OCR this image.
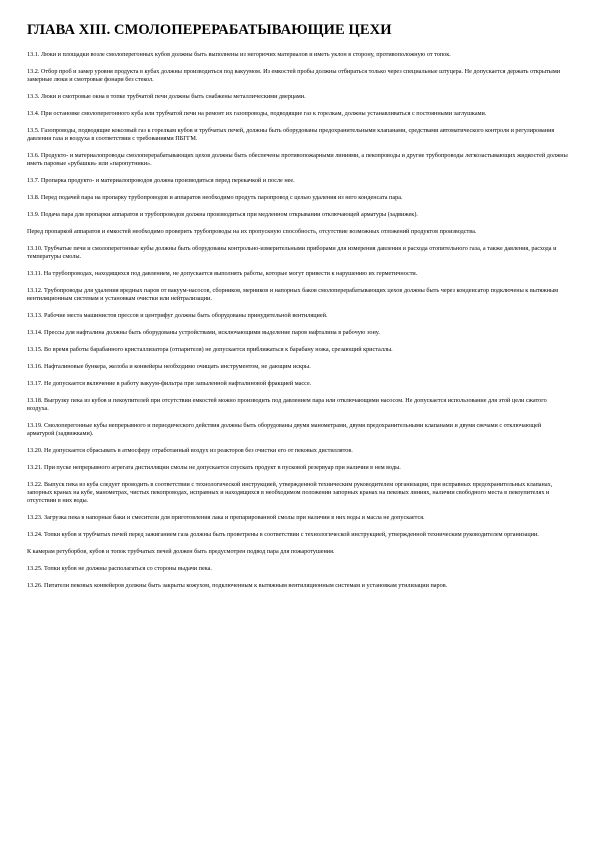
ГЛАВА XIII. СМОЛОПЕРЕРАБАТЫВАЮЩИЕ ЦЕХИ

13.1. Люки и площадки возле смолоперегонных кубов должны быть выполнены из негорючих материалов и иметь уклон в сторону, противоположную от топок.

13.2. Отбор проб и замер уровня продукта в кубах должны производиться под вакуумом. Из емкостей пробы должны отбираться только через специальные штуцера. Не допускается держать открытыми замерные люки и смотровые фонари без стекол.

13.3. Люки и смотровые окна в топке трубчатой печи должны быть снабжены металлическими дверцами.

13.4. При остановке смолоперегонного куба или трубчатой печи на ремонт их газопроводы, подводящие газ к горелкам, должны устанавливаться с постоянными заглушками.

13.5. Газопроводы, подводящие коксовый газ к горелкам кубов и трубчатых печей, должны быть оборудованы предохранительными клапанами, средствами автоматического контроля и регулирования давления газа и воздуха в соответствии с требованиями ПБГГМ.

13.6. Продукто- и материалопроводы смолоперерабатывающих цехов должны быть обеспечены противопожарными линиями, а пекопроводы и другие трубопроводы легкозастывающих жидкостей должны иметь паровые «рубашки» или «паропутники».

13.7. Пропарка продукто- и материалопроводов должна производиться перед перекачкой и после нее.

13.8. Перед подачей пара на пропарку трубопроводов и аппаратов необходимо продуть паропровод с целью удаления из него конденсата пара.

13.9. Подача пара для пропарки аппаратов и трубопроводов должна производиться при медленном открывании отключающей арматуры (задвижек).

Перед пропаркой аппаратов и емкостей необходимо проверить трубопроводы на их пропускную способность, отсутствие возможных отложений продуктов производства.

13.10. Трубчатые печи и смолоперегонные кубы должны быть оборудованы контрольно-измерительными приборами для измерения давления и расхода отопительного газа, а также давления, расхода и температуры смолы.

13.11. На трубопроводах, находящихся под давлением, не допускается выполнять работы, которые могут привести к нарушению их герметичности.

13.12. Трубопроводы для удаления вредных паров от вакуум-насосов, сборников, мерников и напорных баков смолоперерабатывающих цехов должны быть через конденсатор подключены к вытяжным вентиляционным системам и установкам очистки или нейтрализации.

13.13. Рабочие места машинистов прессов и центрифуг должны быть оборудованы принудительной вентиляцией.

13.14. Прессы для нафталина должны быть оборудованы устройствами, исключающими выделение паров нафталина в рабочую зону.

13.15. Во время работы барабанного кристаллизатора (отпарителя) не допускается приближаться к барабану ножа, срезающий кристаллы.

13.16. Нафталиновые бункера, желоба и конвейеры необходимо очищать инструментом, не дающим искры.

13.17. Не допускается включение в работу вакуум-фильтра при запыленной нафталиновой фракцией массе.

13.18. Выгрузку пека из кубов и пекоупителей при отсутствии емкостей можно производить под давлением пара или отключающими насосом. Не допускается использование для этой цели сжатого воздуха.

13.19. Смолоперегонные кубы непрерывного и периодического действия должны быть оборудованы двумя манометрами, двумя предохранительными клапанами и двумя свечами с отключающей арматурой (задвижками).

13.20. Не допускается сбрасывать в атмосферу отработанный воздух из реакторов без очистки его от пековых дистиллятов.

13.21. При пуске непрерывного агрегата дистилляции смолы не допускается спускать продукт в пусковой резервуар при наличии в нем воды.

13.22. Выпуск пека из куба следует проводить в соответствии с технологической инструкцией, утвержденной техническим руководителем организации, при исправных предохранительных клапанах, запорных кранах на кубе, манометрах, чистых пекопроводах, исправных и находящихся в необходимом положении запорных кранах на пековых линиях, наличии свободного места в пекоупителях и отсутствии в них воды.

13.23. Загрузка пека в напорные баки и смесители для приготовления лака и препарированной смолы при наличии в них воды и масла не допускается.

13.24. Топки кубов и трубчатых печей перед зажиганием газа должны быть проветрены в соответствии с технологической инструкцией, утвержденной техническим руководителем организации.

К камерам ретуборбов, кубов и топок трубчатых печей должен быть предусмотрен подвод пара для пожаротушения.

13.25. Топки кубов не должны располагаться со стороны выдачи пека.

13.26. Питатели пековых конвейеров должны быть закрыты кожухом, подключенным к вытяжным вентиляционным системам и установкам утилизации паров.
